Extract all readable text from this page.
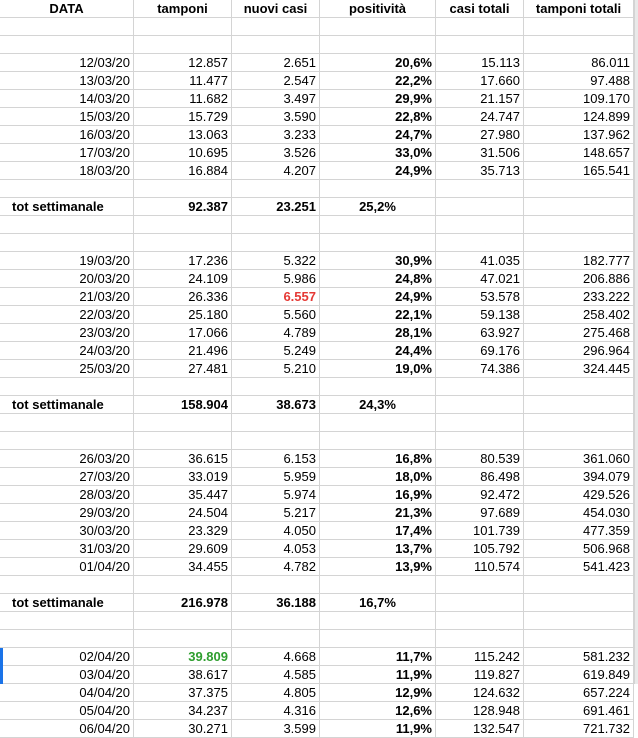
DATA	tamponi	nuovi casi	positività	casi totali	tamponi totali
12/03/20	12.857	2.651	20,6%	15.113	86.011
13/03/20	11.477	2.547	22,2%	17.660	97.488
14/03/20	11.682	3.497	29,9%	21.157	109.170
15/03/20	15.729	3.590	22,8%	24.747	124.899
16/03/20	13.063	3.233	24,7%	27.980	137.962
17/03/20	10.695	3.526	33,0%	31.506	148.657
18/03/20	16.884	4.207	24,9%	35.713	165.541
tot settimanale	92.387	23.251	25,2%
19/03/20	17.236	5.322	30,9%	41.035	182.777
20/03/20	24.109	5.986	24,8%	47.021	206.886
21/03/20	26.336	6.557	24,9%	53.578	233.222
22/03/20	25.180	5.560	22,1%	59.138	258.402
23/03/20	17.066	4.789	28,1%	63.927	275.468
24/03/20	21.496	5.249	24,4%	69.176	296.964
25/03/20	27.481	5.210	19,0%	74.386	324.445
tot settimanale	158.904	38.673	24,3%
26/03/20	36.615	6.153	16,8%	80.539	361.060
27/03/20	33.019	5.959	18,0%	86.498	394.079
28/03/20	35.447	5.974	16,9%	92.472	429.526
29/03/20	24.504	5.217	21,3%	97.689	454.030
30/03/20	23.329	4.050	17,4%	101.739	477.359
31/03/20	29.609	4.053	13,7%	105.792	506.968
01/04/20	34.455	4.782	13,9%	110.574	541.423
tot settimanale	216.978	36.188	16,7%
02/04/20	39.809	4.668	11,7%	115.242	581.232
03/04/20	38.617	4.585	11,9%	119.827	619.849
04/04/20	37.375	4.805	12,9%	124.632	657.224
05/04/20	34.237	4.316	12,6%	128.948	691.461
06/04/20	30.271	3.599	11,9%	132.547	721.732
